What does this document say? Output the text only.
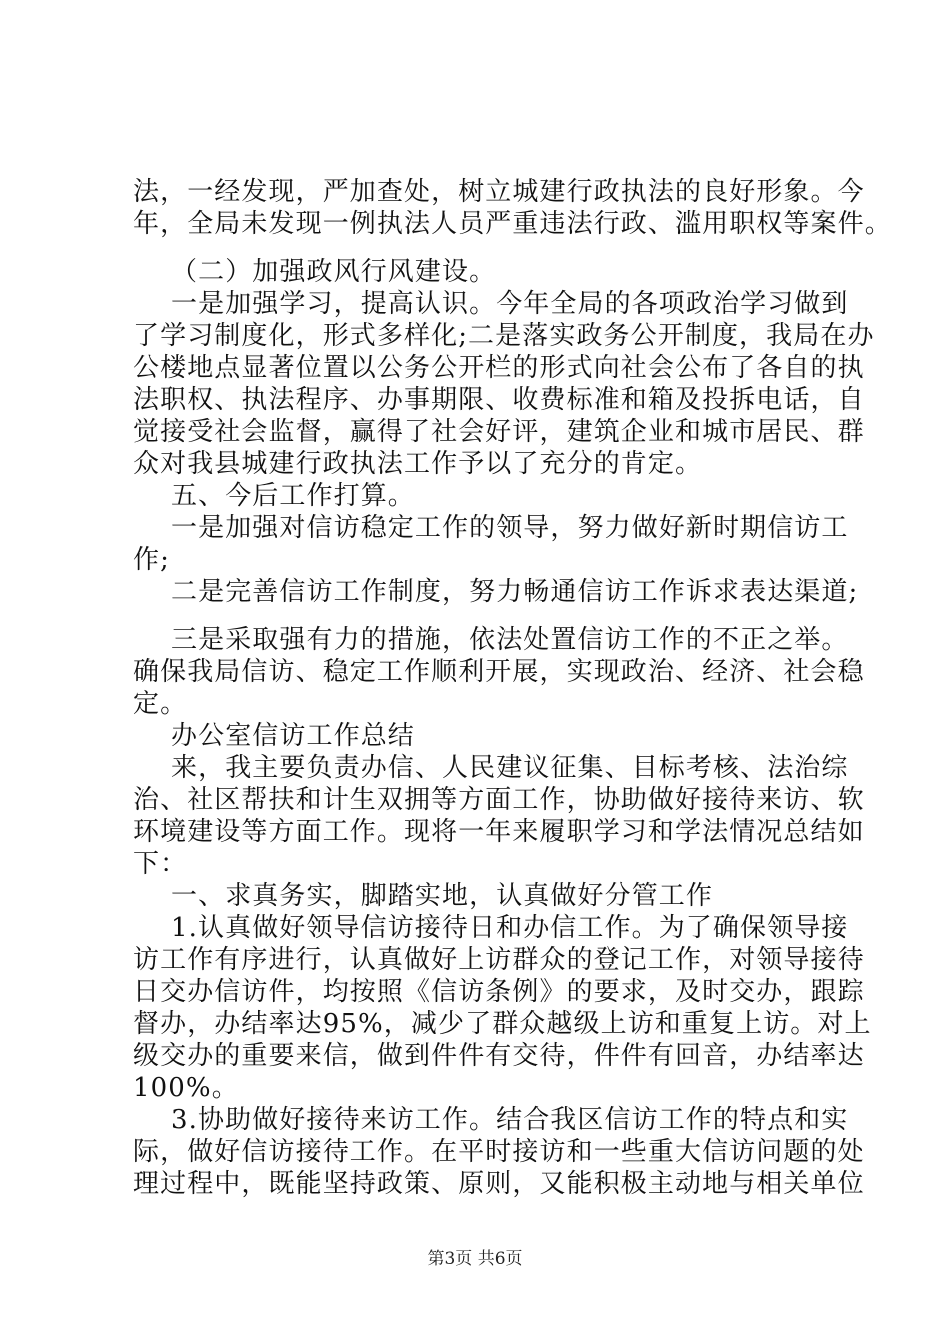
法，一经发现，严加查处，树立城建行政执法的良好形象。今
年，全局未发现一例执法人员严重违法行政、滥用职权等案件。
（二）加强政风行风建设。
一是加强学习，提高认识。今年全局的各项政治学习做到
了学习制度化，形式多样化;二是落实政务公开制度，我局在办
公楼地点显著位置以公务公开栏的形式向社会公布了各自的执
法职权、执法程序、办事期限、收费标准和箱及投拆电话，自
觉接受社会监督，赢得了社会好评，建筑企业和城市居民、群
众对我县城建行政执法工作予以了充分的肯定。
五、今后工作打算。
一是加强对信访稳定工作的领导，努力做好新时期信访工
作;
二是完善信访工作制度，努力畅通信访工作诉求表达渠道;
三是采取强有力的措施，依法处置信访工作的不正之举。
确保我局信访、稳定工作顺利开展，实现政治、经济、社会稳
定。
办公室信访工作总结
来，我主要负责办信、人民建议征集、目标考核、法治综
治、社区帮扶和计生双拥等方面工作，协助做好接待来访、软
环境建设等方面工作。现将一年来履职学习和学法情况总结如
下：
一、求真务实，脚踏实地，认真做好分管工作
1.认真做好领导信访接待日和办信工作。为了确保领导接
访工作有序进行，认真做好上访群众的登记工作，对领导接待
日交办信访件，均按照《信访条例》的要求，及时交办，跟踪
督办，办结率达95%，减少了群众越级上访和重复上访。对上
级交办的重要来信，做到件件有交待，件件有回音，办结率达
100%。
3.协助做好接待来访工作。结合我区信访工作的特点和实
际，做好信访接待工作。在平时接访和一些重大信访问题的处
理过程中，既能坚持政策、原则，又能积极主动地与相关单位
第3页 共6页
